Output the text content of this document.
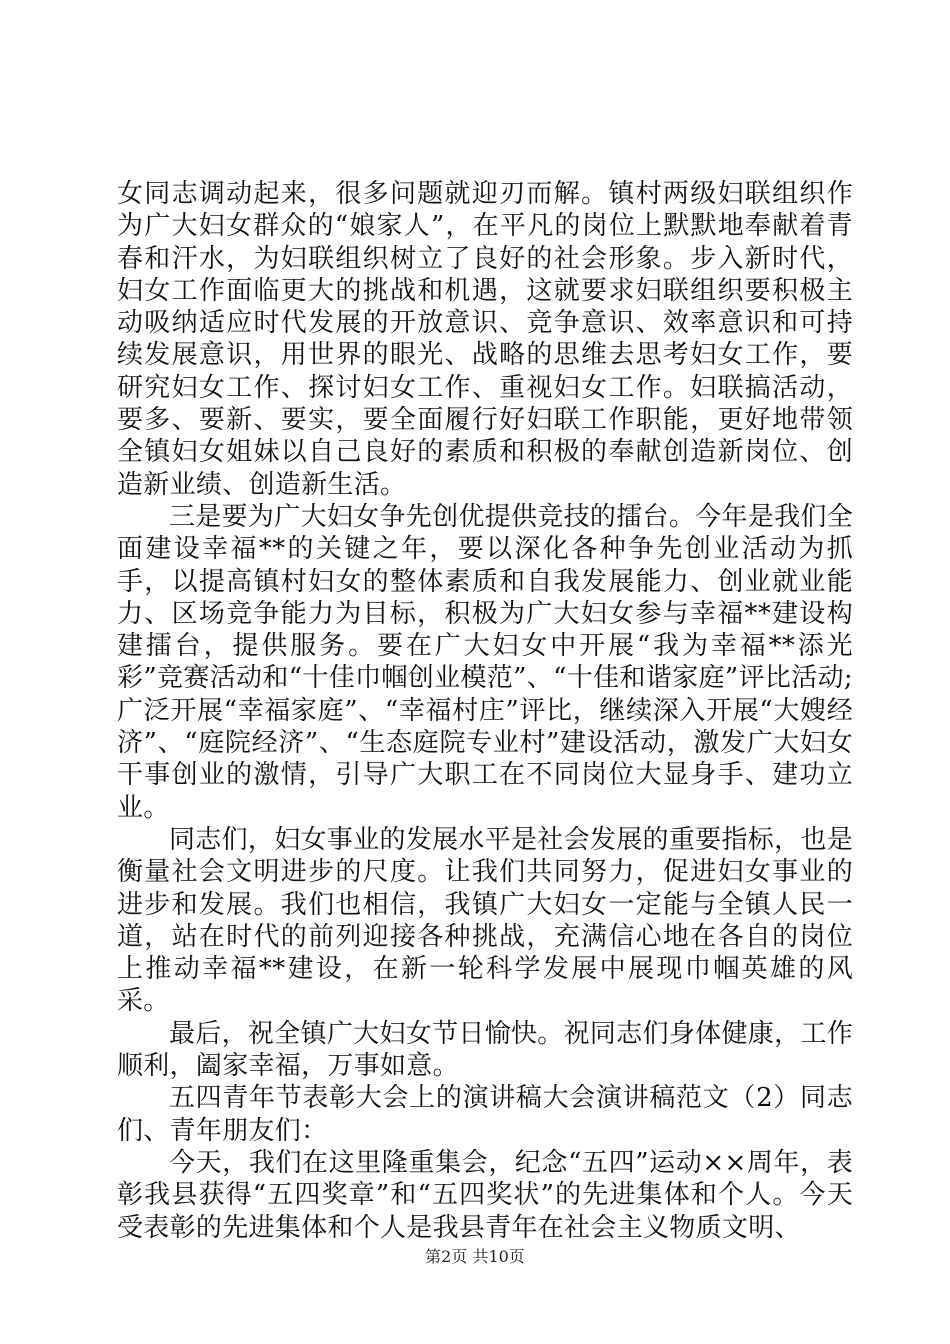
女同志调动起来，很多问题就迎刃而解。镇村两级妇联组织作为广大妇女群众的“娘家人”，在平凡的岗位上默默地奉献着青春和汗水，为妇联组织树立了良好的社会形象。步入新时代，妇女工作面临更大的挑战和机遇，这就要求妇联组织要积极主动吸纳适应时代发展的开放意识、竞争意识、效率意识和可持续发展意识，用世界的眼光、战略的思维去思考妇女工作，要研究妇女工作、探讨妇女工作、重视妇女工作。妇联搞活动，要多、要新、要实，要全面履行好妇联工作职能，更好地带领全镇妇女姐妹以自己良好的素质和积极的奉献创造新岗位、创造新业绩、创造新生活。

三是要为广大妇女争先创优提供竞技的擂台。今年是我们全面建设幸福**的关键之年，要以深化各种争先创业活动为抓手，以提高镇村妇女的整体素质和自我发展能力、创业就业能力、区场竞争能力为目标，积极为广大妇女参与幸福**建设构建擂台，提供服务。要在广大妇女中开展“我为幸福**添光彩”竞赛活动和“十佳巾帼创业模范”、“十佳和谐家庭”评比活动;广泛开展“幸福家庭”、“幸福村庄”评比，继续深入开展“大嫂经济”、“庭院经济”、“生态庭院专业村”建设活动，激发广大妇女干事创业的激情，引导广大职工在不同岗位大显身手、建功立业。

同志们，妇女事业的发展水平是社会发展的重要指标，也是衡量社会文明进步的尺度。让我们共同努力，促进妇女事业的进步和发展。我们也相信，我镇广大妇女一定能与全镇人民一道，站在时代的前列迎接各种挑战，充满信心地在各自的岗位上推动幸福**建设，在新一轮科学发展中展现巾帼英雄的风采。

最后，祝全镇广大妇女节日愉快。祝同志们身体健康，工作顺利，阖家幸福，万事如意。

五四青年节表彰大会上的演讲稿大会演讲稿范文（2）同志们、青年朋友们：

今天，我们在这里隆重集会，纪念“五四”运动××周年，表彰我县获得“五四奖章”和“五四奖状”的先进集体和个人。今天受表彰的先进集体和个人是我县青年在社会主义物质文明、

第2页 共10页
